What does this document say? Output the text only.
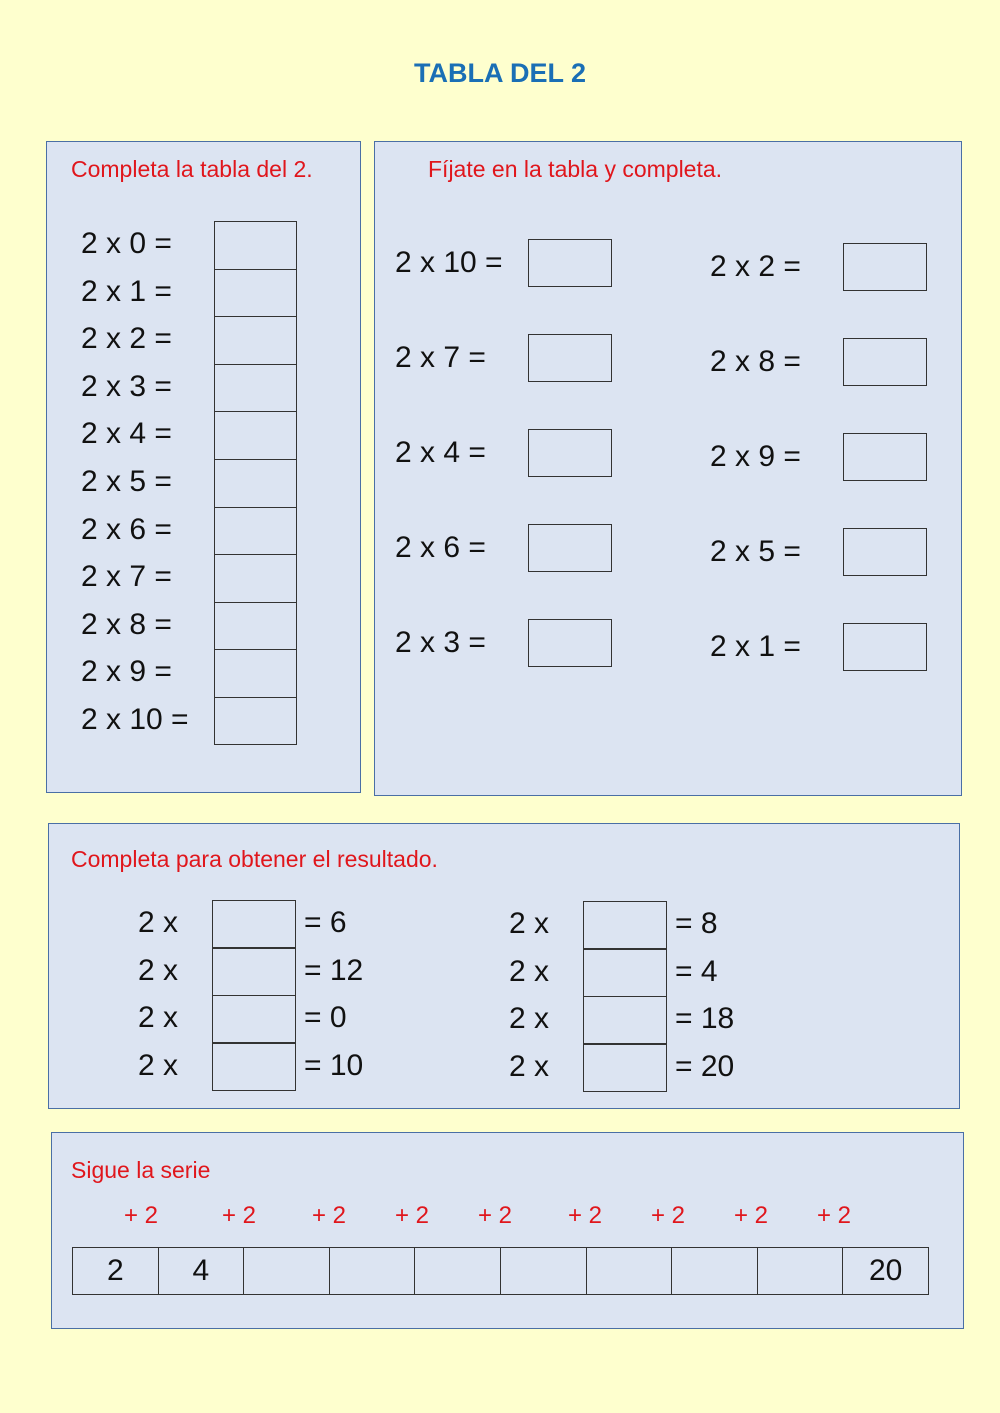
TABLA DEL 2
Completa la tabla del 2.
2 x 0 =
2 x 1 =
2 x 2 =
2 x 3 =
2 x 4 =
2 x 5 =
2 x 6 =
2 x 7 =
2 x 8 =
2 x 9 =
2 x 10 =
Fíjate en la tabla y completa.
2 x 10 =
2 x 7 =
2 x 4 =
2 x 6 =
2 x 3 =
2 x 2 =
2 x 8 =
2 x 9 =
2 x 5 =
2 x 1 =
Completa para obtener el resultado.
2 x	= 6
2 x	= 12
2 x	= 0
2 x	= 10
2 x	= 8
2 x	= 4
2 x	= 18
2 x	= 20
Sigue la serie
+ 2	+ 2 + 2 + 2 + 2 + 2 + 2 + 2 + 2
2	4	20
